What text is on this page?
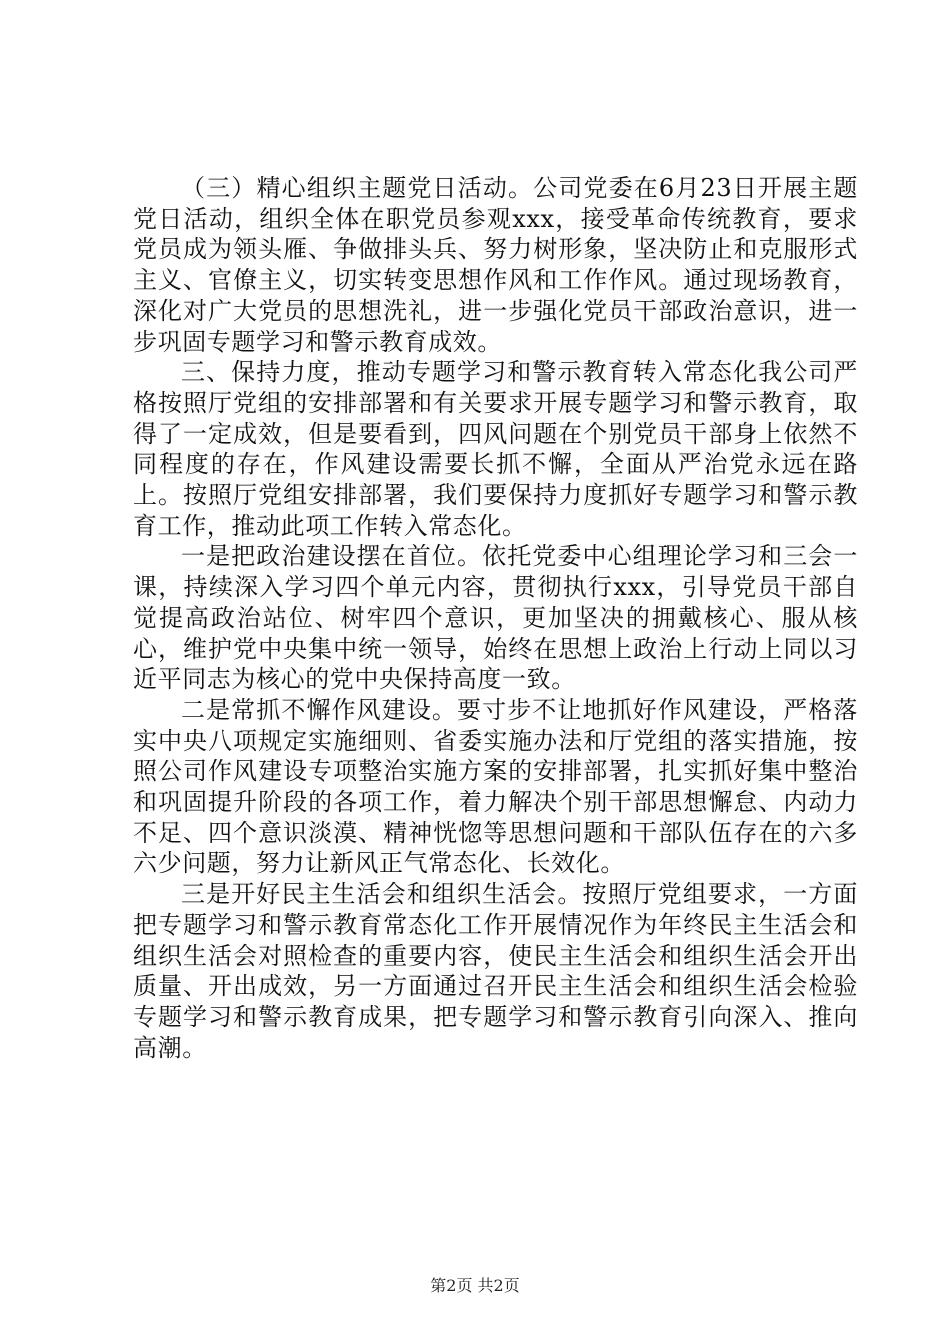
（三）精心组织主题党日活动。公司党委在6月23日开展主题党日活动，组织全体在职党员参观xxx，接受革命传统教育，要求党员成为领头雁、争做排头兵、努力树形象，坚决防止和克服形式主义、官僚主义，切实转变思想作风和工作作风。通过现场教育，深化对广大党员的思想洗礼，进一步强化党员干部政治意识，进一步巩固专题学习和警示教育成效。

三、保持力度，推动专题学习和警示教育转入常态化我公司严格按照厅党组的安排部署和有关要求开展专题学习和警示教育，取得了一定成效，但是要看到，四风问题在个别党员干部身上依然不同程度的存在，作风建设需要长抓不懈，全面从严治党永远在路上。按照厅党组安排部署，我们要保持力度抓好专题学习和警示教育工作，推动此项工作转入常态化。

一是把政治建设摆在首位。依托党委中心组理论学习和三会一课，持续深入学习四个单元内容，贯彻执行xxx，引导党员干部自觉提高政治站位、树牢四个意识，更加坚决的拥戴核心、服从核心，维护党中央集中统一领导，始终在思想上政治上行动上同以习近平同志为核心的党中央保持高度一致。

二是常抓不懈作风建设。要寸步不让地抓好作风建设，严格落实中央八项规定实施细则、省委实施办法和厅党组的落实措施，按照公司作风建设专项整治实施方案的安排部署，扎实抓好集中整治和巩固提升阶段的各项工作，着力解决个别干部思想懈怠、内动力不足、四个意识淡漠、精神恍惚等思想问题和干部队伍存在的六多六少问题，努力让新风正气常态化、长效化。

三是开好民主生活会和组织生活会。按照厅党组要求，一方面把专题学习和警示教育常态化工作开展情况作为年终民主生活会和组织生活会对照检查的重要内容，使民主生活会和组织生活会开出质量、开出成效，另一方面通过召开民主生活会和组织生活会检验专题学习和警示教育成果，把专题学习和警示教育引向深入、推向高潮。

第2页 共2页
